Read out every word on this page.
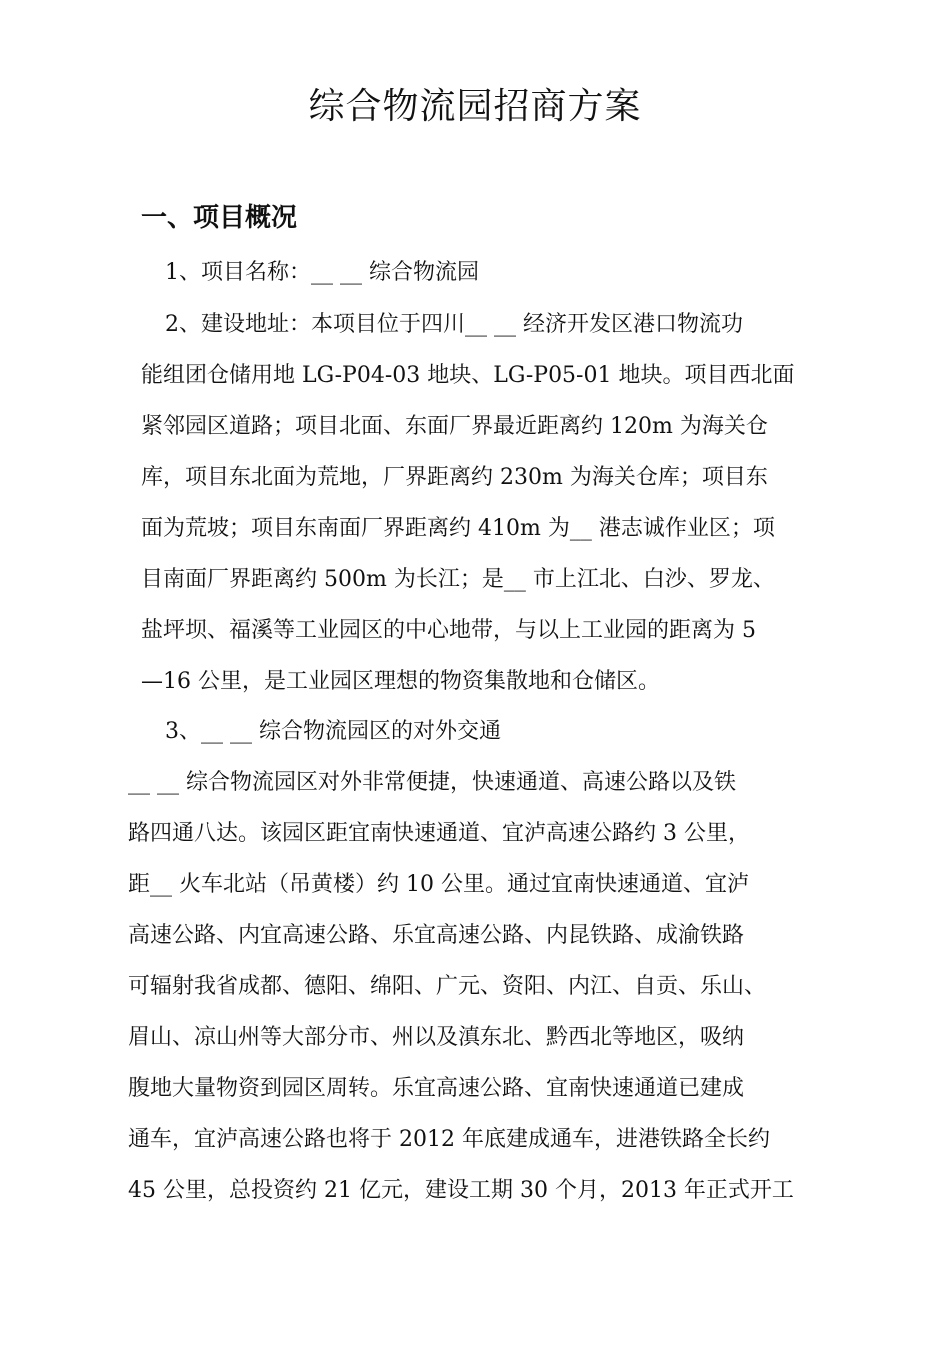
综合物流园招商方案
一、项目概况

1、项目名称：__ __ 综合物流园

2、建设地址：本项目位于四川__ __ 经济开发区港口物流功

能组团仓储用地 LG-P04-03 地块、LG-P05-01 地块。项目西北面

紧邻园区道路；项目北面、东面厂界最近距离约 120m 为海关仓

库，项目东北面为荒地，厂界距离约 230m 为海关仓库；项目东

面为荒坡；项目东南面厂界距离约 410m 为__ 港志诚作业区；项

目南面厂界距离约 500m 为长江；是__ 市上江北、白沙、罗龙、

盐坪坝、福溪等工业园区的中心地带，与以上工业园的距离为 5

—16 公里，是工业园区理想的物资集散地和仓储区。

3、__ __ 综合物流园区的对外交通

__ __ 综合物流园区对外非常便捷，快速通道、高速公路以及铁

路四通八达。该园区距宜南快速通道、宜泸高速公路约 3 公里，

距__ 火车北站（吊黄楼）约 10 公里。通过宜南快速通道、宜泸

高速公路、内宜高速公路、乐宜高速公路、内昆铁路、成渝铁路

可辐射我省成都、德阳、绵阳、广元、资阳、内江、自贡、乐山、

眉山、凉山州等大部分市、州以及滇东北、黔西北等地区，吸纳

腹地大量物资到园区周转。乐宜高速公路、宜南快速通道已建成

通车，宜泸高速公路也将于 2012 年底建成通车，进港铁路全长约

45 公里，总投资约 21 亿元，建设工期 30 个月，2013 年正式开工
